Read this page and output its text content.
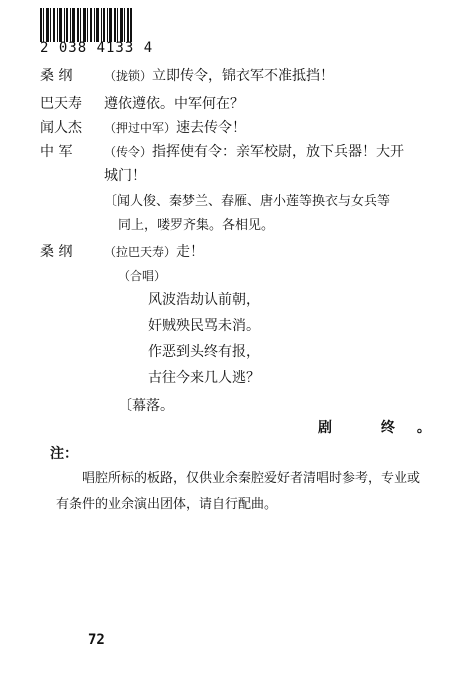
2 038 4133 4
桑 纲	（拢锁）立即传令，锦衣军不准抵挡！
巴天寿	遵依遵依。中军何在？
闻人杰	（押过中军）速去传令！
中 军	（传令）指挥使有令：亲军校尉，放下兵器！大开
城门！
〔闻人俊、秦梦兰、春雁、唐小莲等换衣与女兵等
同上，喽罗齐集。各相见。
桑 纲	（拉巴天寿）走！
（合唱）
风波浩劫认前朝，
奸贼殃民骂未消。
作恶到头终有报，
古往今来几人逃？
〔幕落。
剧 终。
注：
唱腔所标的板路，仅供业余秦腔爱好者清唱时参考，专业或有条件的业余演出团体，请自行配曲。
72
